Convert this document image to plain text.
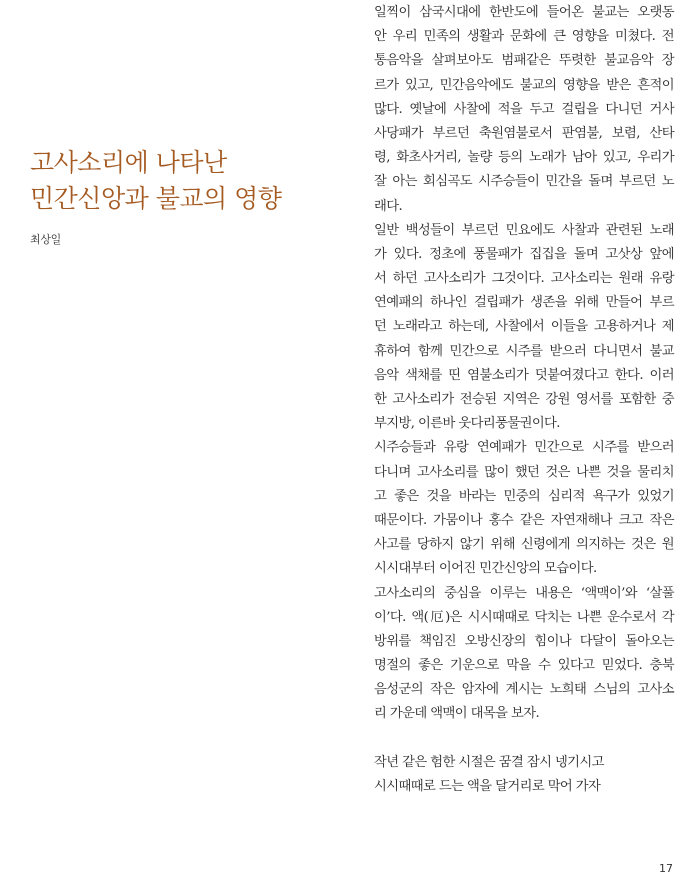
고사소리에 나타난
민간신앙과 불교의 영향
최상일
일찍이 삼국시대에 한반도에 들어온 불교는 오랫동
안 우리 민족의 생활과 문화에 큰 영향을 미쳤다. 전
통음악을 살펴보아도 범패같은 뚜렷한 불교음악 장
르가 있고, 민간음악에도 불교의 영향을 받은 흔적이
많다. 옛날에 사찰에 적을 두고 걸립을 다니던 거사
사당패가 부르던 축원염불로서 판염불, 보렴, 산타
령, 화초사거리, 놀량 등의 노래가 남아 있고, 우리가
잘 아는 회심곡도 시주승들이 민간을 돌며 부르던 노
래다.
일반 백성들이 부르던 민요에도 사찰과 관련된 노래
가 있다. 정초에 풍물패가 집집을 돌며 고삿상 앞에
서 하던 고사소리가 그것이다. 고사소리는 원래 유랑
연예패의 하나인 걸립패가 생존을 위해 만들어 부르
던 노래라고 하는데, 사찰에서 이들을 고용하거나 제
휴하여 함께 민간으로 시주를 받으러 다니면서 불교
음악 색채를 띤 염불소리가 덧붙여졌다고 한다. 이러
한 고사소리가 전승된 지역은 강원 영서를 포함한 중
부지방, 이른바 웃다리풍물권이다.
시주승들과 유랑 연예패가 민간으로 시주를 받으러
다니며 고사소리를 많이 했던 것은 나쁜 것을 물리치
고 좋은 것을 바라는 민중의 심리적 욕구가 있었기
때문이다. 가뭄이나 홍수 같은 자연재해나 크고 작은
사고를 당하지 않기 위해 신령에게 의지하는 것은 원
시시대부터 이어진 민간신앙의 모습이다.
고사소리의 중심을 이루는 내용은 ‘액맥이’와 ‘살풀
이’다. 액(厄)은 시시때때로 닥치는 나쁜 운수로서 각
방위를 책임진 오방신장의 힘이나 다달이 돌아오는
명절의 좋은 기운으로 막을 수 있다고 믿었다. 충북
음성군의 작은 암자에 계시는 노희태 스님의 고사소
리 가운데 액맥이 대목을 보자.
작년 같은 험한 시절은 꿈결 잠시 넹기시고
시시때때로 드는 액을 달거리로 막어 가자
17
